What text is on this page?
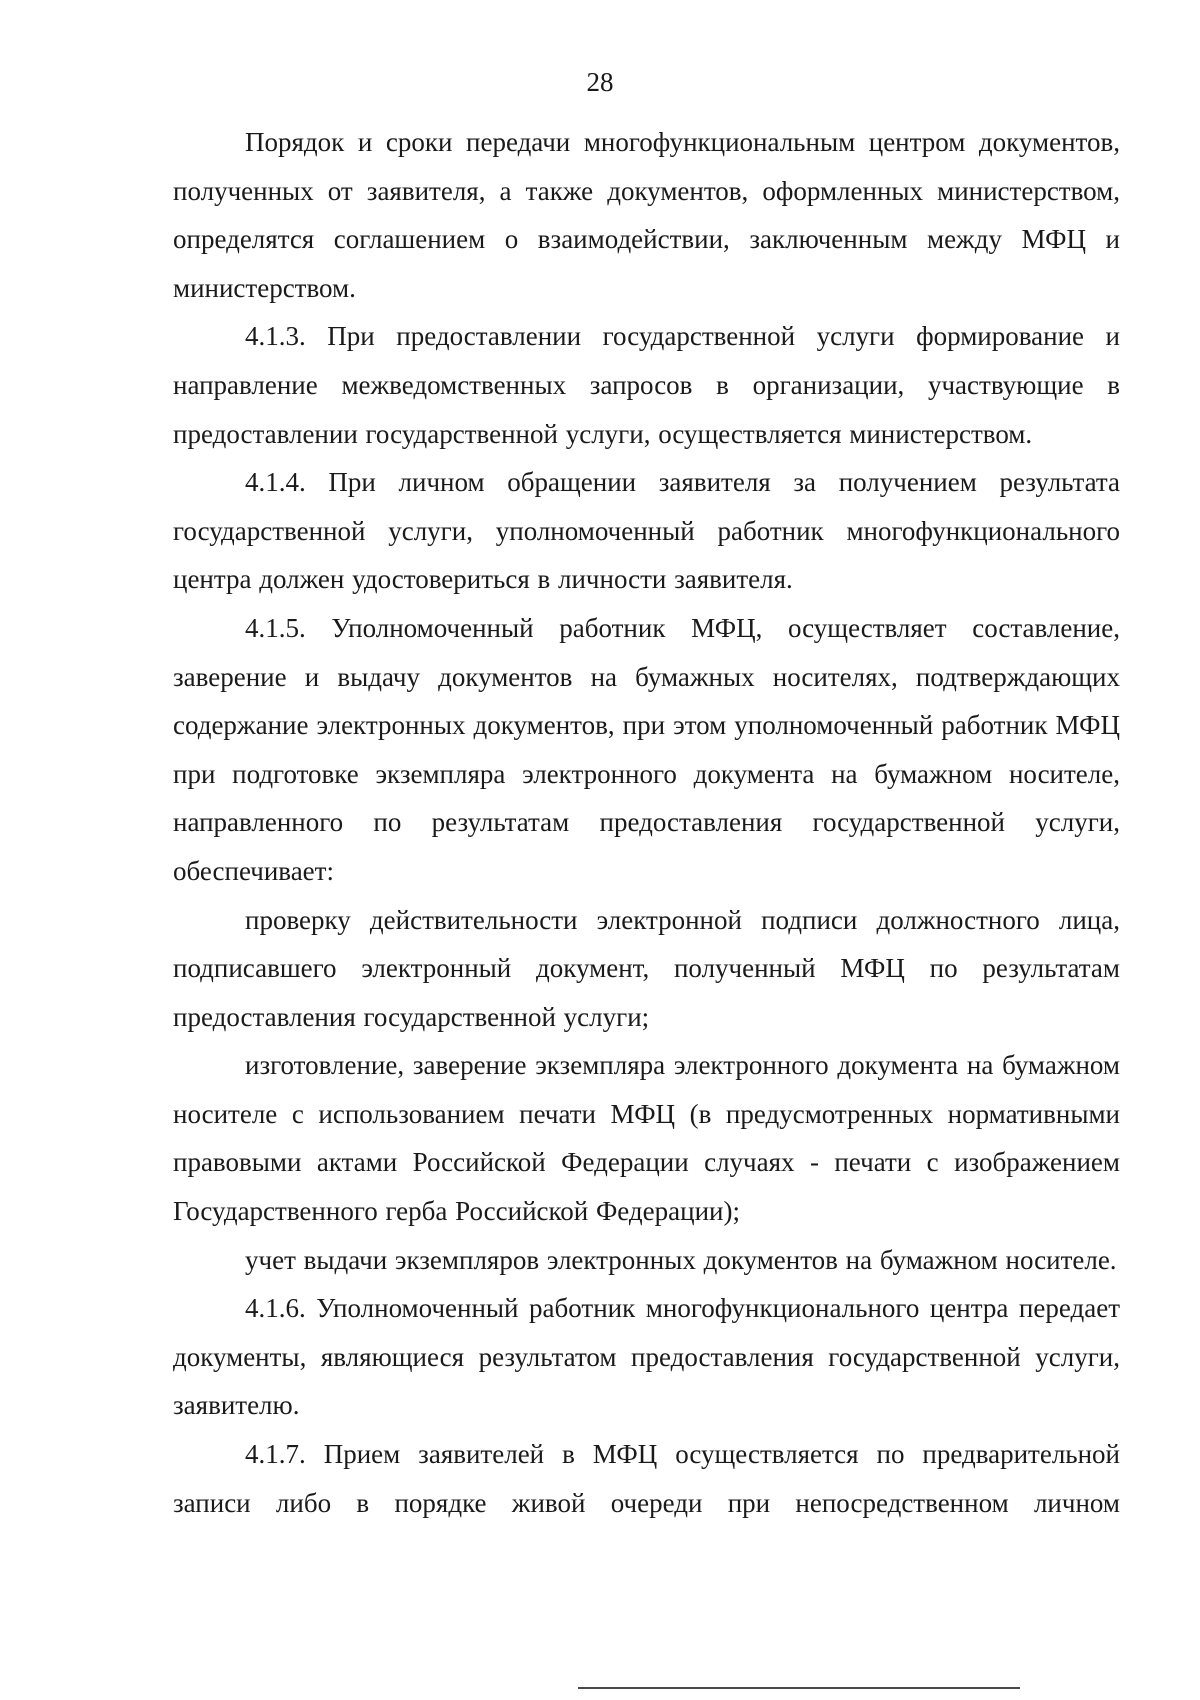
28

Порядок и сроки передачи многофункциональным центром документов, полученных от заявителя, а также документов, оформленных министерством, определятся соглашением о взаимодействии, заключенным между МФЦ и министерством.

4.1.3. При предоставлении государственной услуги формирование и направление межведомственных запросов в организации, участвующие в предоставлении государственной услуги, осуществляется министерством.

4.1.4. При личном обращении заявителя за получением результата государственной услуги, уполномоченный работник многофункционального центра должен удостовериться в личности заявителя.

4.1.5. Уполномоченный работник МФЦ, осуществляет составление, заверение и выдачу документов на бумажных носителях, подтверждающих содержание электронных документов, при этом уполномоченный работник МФЦ при подготовке экземпляра электронного документа на бумажном носителе, направленного по результатам предоставления государственной услуги, обеспечивает:

проверку действительности электронной подписи должностного лица, подписавшего электронный документ, полученный МФЦ по результатам предоставления государственной услуги;

изготовление, заверение экземпляра электронного документа на бумажном носителе с использованием печати МФЦ (в предусмотренных нормативными правовыми актами Российской Федерации случаях - печати с изображением Государственного герба Российской Федерации);

учет выдачи экземпляров электронных документов на бумажном носителе.

4.1.6. Уполномоченный работник многофункционального центра передает документы, являющиеся результатом предоставления государственной услуги, заявителю.

4.1.7. Прием заявителей в МФЦ осуществляется по предварительной записи либо в порядке живой очереди при непосредственном личном
